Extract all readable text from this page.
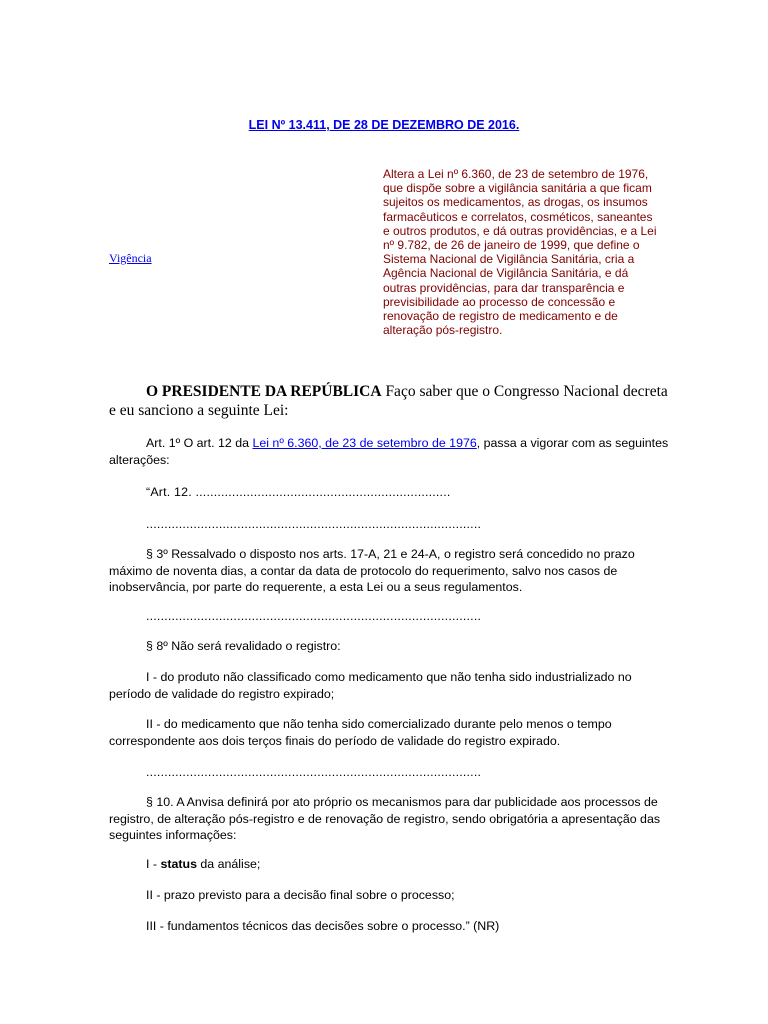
LEI Nº 13.411, DE 28 DE DEZEMBRO DE 2016.
Vigência
Altera a Lei nº 6.360, de 23 de setembro de 1976, que dispõe sobre a vigilância sanitária a que ficam sujeitos os medicamentos, as drogas, os insumos farmacêuticos e correlatos, cosméticos, saneantes e outros produtos, e dá outras providências, e a Lei nº 9.782, de 26 de janeiro de 1999, que define o Sistema Nacional de Vigilância Sanitária, cria a Agência Nacional de Vigilância Sanitária, e dá outras providências, para dar transparência e previsibilidade ao processo de concessão e renovação de registro de medicamento e de alteração pós-registro.
O PRESIDENTE DA REPÚBLICA Faço saber que o Congresso Nacional decreta e eu sanciono a seguinte Lei:
Art. 1º O art. 12 da Lei nº 6.360, de 23 de setembro de 1976, passa a vigorar com as seguintes alterações:
“Art. 12. ......................................................................
............................................................................................
§ 3º Ressalvado o disposto nos arts. 17-A, 21 e 24-A, o registro será concedido no prazo máximo de noventa dias, a contar da data de protocolo do requerimento, salvo nos casos de inobservância, por parte do requerente, a esta Lei ou a seus regulamentos.
............................................................................................
§ 8º Não será revalidado o registro:
I - do produto não classificado como medicamento que não tenha sido industrializado no período de validade do registro expirado;
II - do medicamento que não tenha sido comercializado durante pelo menos o tempo correspondente aos dois terços finais do período de validade do registro expirado.
............................................................................................
§ 10. A Anvisa definirá por ato próprio os mecanismos para dar publicidade aos processos de registro, de alteração pós-registro e de renovação de registro, sendo obrigatória a apresentação das seguintes informações:
I - status da análise;
II - prazo previsto para a decisão final sobre o processo;
III - fundamentos técnicos das decisões sobre o processo.” (NR)
